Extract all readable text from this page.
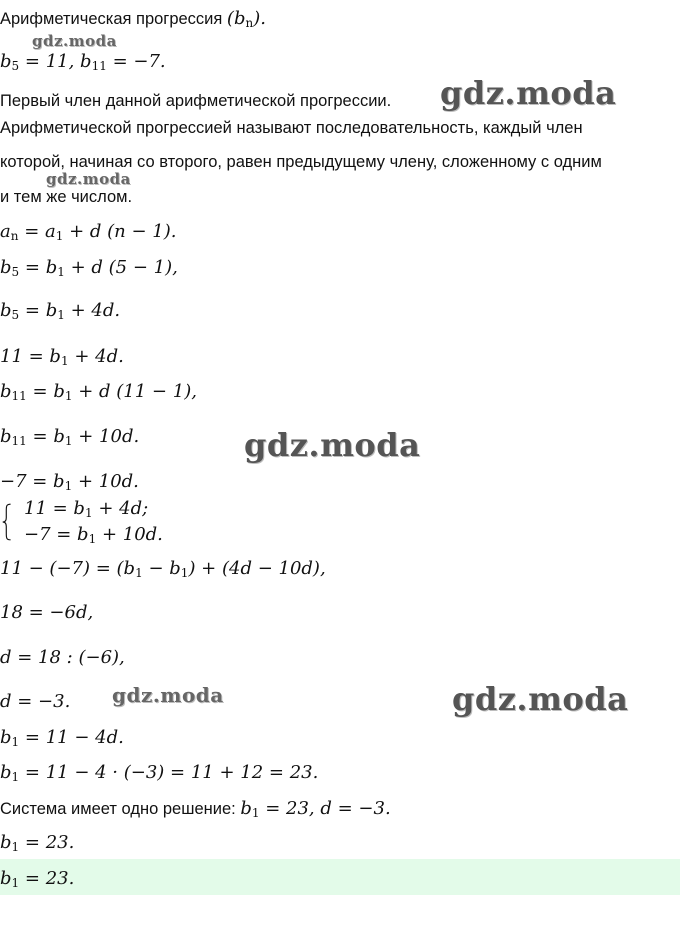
Арифметическая прогрессия $(b_n)$.
$b_5 = 11$, $b_{11} = -7$.
Первый член данной арифметической прогрессии.
Арифметической прогрессией называют последовательность, каждый член
которой, начиная со второго, равен предыдущему члену, сложенному с одним
и тем же числом.
$a_n = a_1 + d$ (n − 1).
$b_5 = b_1 + d$ (5 − 1),
$b_5 = b_1 + 4d$.
$11 = b_1 + 4d$.
$b_{11} = b_1 + d$ (11 − 1),
$b_{11} = b_1 + 10d$.
$-7 = b_1 + 10d$.
$11 = b_1 + 4d$;
$-7 = b_1 + 10d$.
$11 - (-7) = (b_1 - b_1) + (4d - 10d)$,
18 = −6d,
d = 18 : (−6),
d = −3.
$b_1 = 11 - 4d$.
$b_1 = 11 - 4 \cdot (-3) = 11 + 12 = 23$.
Система имеет одно решение: $b_1 = 23$, d = −3.
$b_1 = 23$.
$b_1 = 23$.
gdz.moda
gdz.moda
gdz.moda
gdz.moda
gdz.moda	gdz.moda
